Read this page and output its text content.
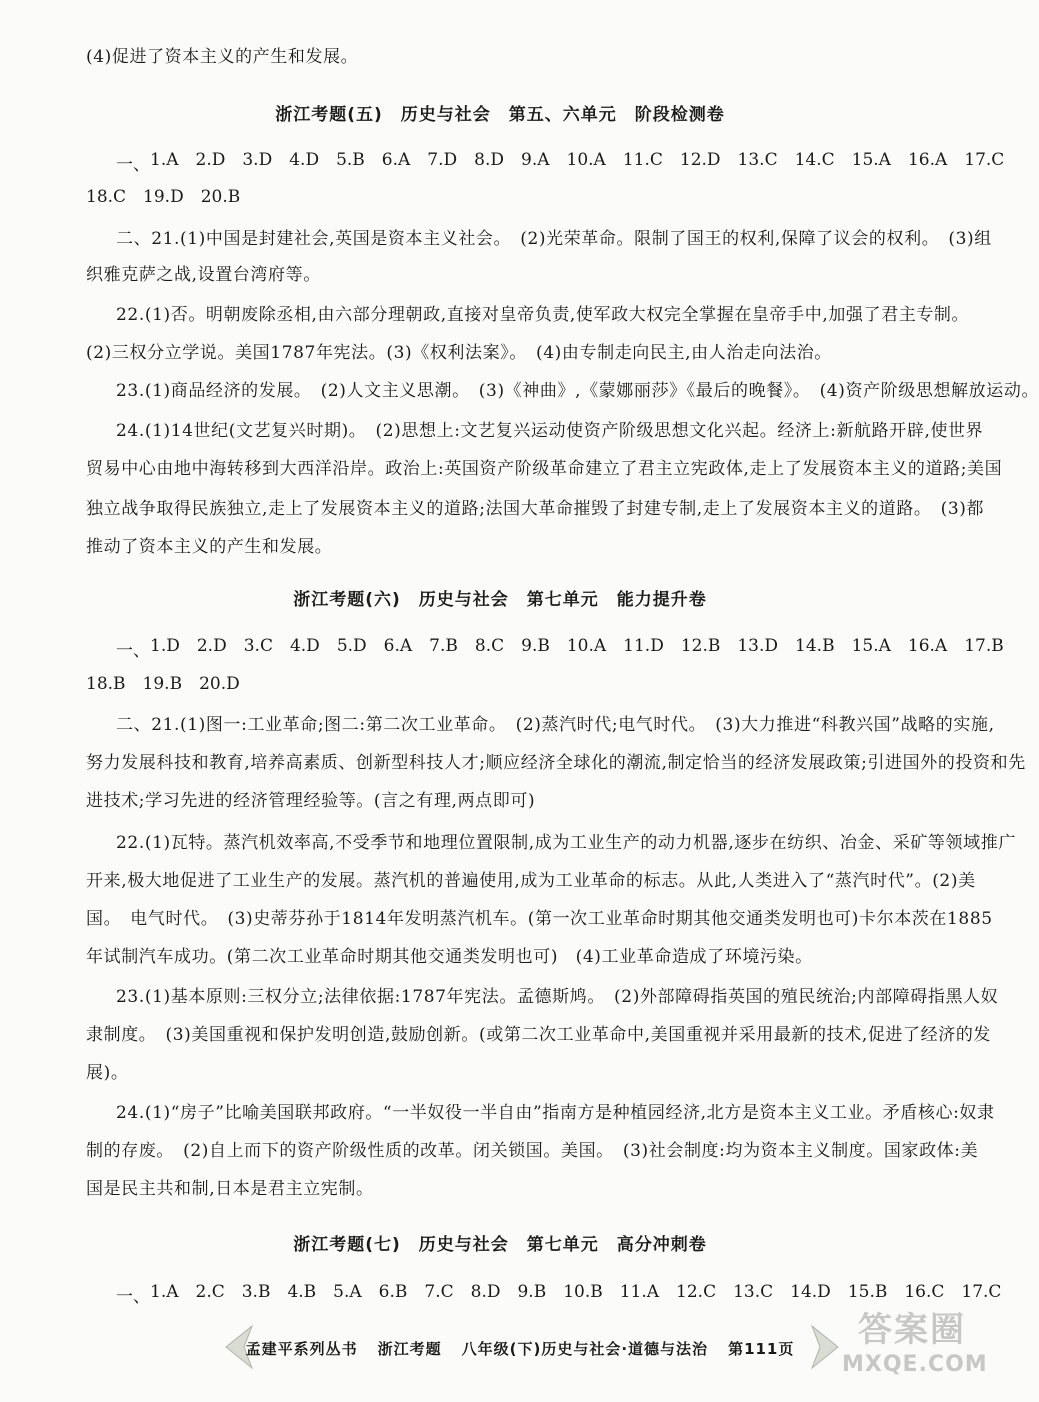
(4)促进了资本主义的产生和发展。
浙江考题(五)　历史与社会　第五、六单元　阶段检测卷
一、 1.A 2.D 3.D 4.D 5.B 6.A 7.D 8.D 9.A 10.A 11.C 12.D 13.C 14.C 15.A 16.A 17.C
18.C 19.D 20.B
二、21.(1)中国是封建社会,英国是资本主义社会。　(2)光荣革命。限制了国王的权利,保障了议会的权利。　(3)组
织雅克萨之战,设置台湾府等。
22.(1)否。明朝废除丞相,由六部分理朝政,直接对皇帝负责,使军政大权完全掌握在皇帝手中,加强了君主专制。
(2)三权分立学说。美国1787年宪法。(3)《权利法案》。　(4)由专制走向民主,由人治走向法治。
23.(1)商品经济的发展。　(2)人文主义思潮。　(3)《神曲》,《蒙娜丽莎》《最后的晚餐》。　(4)资产阶级思想解放运动。
24.(1)14世纪(文艺复兴时期)。　(2)思想上:文艺复兴运动使资产阶级思想文化兴起。经济上:新航路开辟,使世界
贸易中心由地中海转移到大西洋沿岸。政治上:英国资产阶级革命建立了君主立宪政体,走上了发展资本主义的道路;美国
独立战争取得民族独立,走上了发展资本主义的道路;法国大革命摧毁了封建专制,走上了发展资本主义的道路。　(3)都
推动了资本主义的产生和发展。
浙江考题(六)　历史与社会　第七单元　能力提升卷
一、 1.D 2.D 3.C 4.D 5.D 6.A 7.B 8.C 9.B 10.A 11.D 12.B 13.D 14.B 15.A 16.A 17.B
18.B 19.B 20.D
二、21.(1)图一:工业革命;图二:第二次工业革命。　(2)蒸汽时代;电气时代。　(3)大力推进“科教兴国”战略的实施,
努力发展科技和教育,培养高素质、创新型科技人才;顺应经济全球化的潮流,制定恰当的经济发展政策;引进国外的投资和先
进技术;学习先进的经济管理经验等。(言之有理,两点即可)
22.(1)瓦特。蒸汽机效率高,不受季节和地理位置限制,成为工业生产的动力机器,逐步在纺织、冶金、采矿等领域推广
开来,极大地促进了工业生产的发展。蒸汽机的普遍使用,成为工业革命的标志。从此,人类进入了“蒸汽时代”。(2)美
国。　电气时代。　(3)史蒂芬孙于1814年发明蒸汽机车。(第一次工业革命时期其他交通类发明也可)卡尔本茨在1885
年试制汽车成功。(第二次工业革命时期其他交通类发明也可)　(4)工业革命造成了环境污染。
23.(1)基本原则:三权分立;法律依据:1787年宪法。孟德斯鸠。　(2)外部障碍指英国的殖民统治;内部障碍指黑人奴
隶制度。　(3)美国重视和保护发明创造,鼓励创新。(或第二次工业革命中,美国重视并采用最新的技术,促进了经济的发
展)。
24.(1)“房子”比喻美国联邦政府。“一半奴役一半自由”指南方是种植园经济,北方是资本主义工业。矛盾核心:奴隶
制的存废。　(2)自上而下的资产阶级性质的改革。闭关锁国。美国。　(3)社会制度:均为资本主义制度。国家政体:美
国是民主共和制,日本是君主立宪制。
浙江考题(七)　历史与社会　第七单元　高分冲刺卷
一、 1.A 2.C 3.B 4.B 5.A 6.B 7.C 8.D 9.B 10.B 11.A 12.C 13.C 14.D 15.B 16.C 17.C
孟建平系列丛书 浙江考题 八年级(下)历史与社会·道德与法治 第111页	答案圈
MXQE.COM
